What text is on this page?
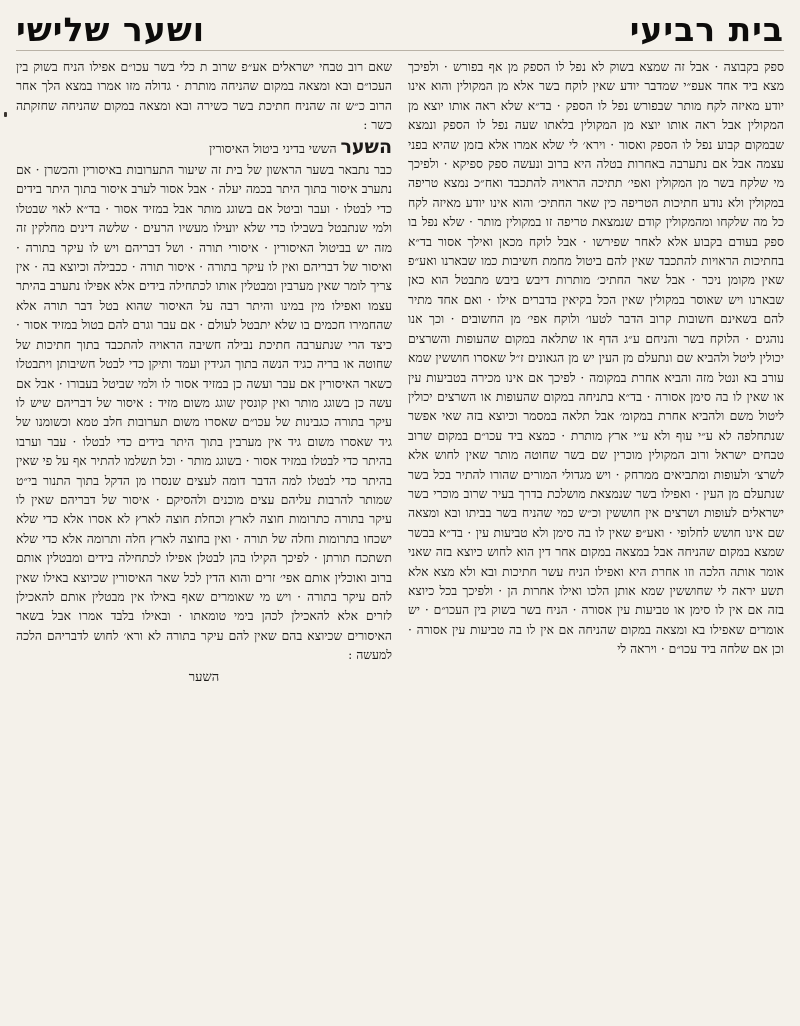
ושער שלישי	בית רביעי

ספק בקבוצה · אבל זה שמצא בשוק לא נפל לו הספק מן אף בפורש · ולפיכך מצא ביד אחד אעפ״י שמדבר יודע שאין לוקח בשר אלא מן המקולין והוא אינו יודע מאיזה לקח מותר שבפורש נפל לו הספק · בד״א שלא ראה אותו יוצא מן המקולין אבל ראה אותו יוצא מן המקולין בלאתו שעה נפל לו הספק ונמצא שבמקום קבוע נפל לו הספק ואסור · וירא׳ לי שלא אמרו אלא בזמן שהיא בפני עצמה אבל אם נתערבה באחרות בטלה היא ברוב ונעשה ספק ספיקא · ולפיכך מי שלקח בשר מן המקולין ואפי׳ תתיכה הראויה להתכבד ואח״כ נמצא טריפה במקולין ולא נודע חתיכות הטריפה כין שאר החתיכ׳ והוא אינו יודע מאיזה לקח כל מה שלקחו ומהמקולין קודם שנמצאת טריפה זו במקולין מותר · שלא נפל בו ספק בעודם בקבוע אלא לאחר שפירשו · אבל לוקח מכאן ואילך אסור בד״א בחתיכות הראויות להתכבד שאין להם ביטול מחמת חשיבות כמו שבארנו ואע״פ שאין מקומן ניכר · אבל שאר החתיכ׳ מותרות דיבש ביבש מתבטל הוא כאן שבארנו ויש שאוסר במקולין שאין הכל בקיאין בדברים אילו · ואם אחד מתיר להם בשאינם חשובות קרוב הדבר לטעו׳ ולוקח אפי׳ מן החשובים · וכך אנו נוהגים · הלוקח בשר והניחם ע״ג הדף או שתלאה במקום שהעופות והשרצים יכולין ליטל ולהביא שם ונתעלם מן העין יש מן הגאונים ז״ל שאסרו חוששין שמא עורב בא ונטל מזה והביא אחרת במקומה · לפיכך אם אינו מכירה בטביעות עין או שאין לו בה סימן אסורה · בד״א בתניחה במקום שהעופות או השרצים יכולין ליטול משם ולהביא אחרת במקומ׳ אבל תלאה במסמר וכיוצא בזה שאי אפשר שנתחלפה לא ע״י עוף ולא ע״י ארץ מותרת · כמצא ביד עכו״ם במקום שרוב טבחים ישראל ורוב המקולין מוכרין שם בשר שחוטה מותר שאין לחוש אלא לשרצ׳ ולעופות ומתביאים ממרחק · ויש מגדולי המורים שהורו להתיר בכל בשר שנתעלם מן העין · ואפילו בשר שנמצאת מושלכת בדרך בעיר שרוב מוכרי בשר ישראלים לעופות ושרצים אין חוששין וכ״ש כמי שהניח בשר בביתו ובא ומצאה שם אינו חושש לחלופי · ואע״פ שאין לו בה סימן ולא טביעות עין · בד״א בבשר שמצא במקום שהניחה אבל במצאה במקום אחר דין הוא לחוש כיוצא בזה שאני אומר אותה הלכה וזו אחרת היא ואפילו הניח עשר חתיכות ובא ולא מצא אלא תשע יראה לי שחוששין שמא אותן הלכו ואילו אחרות הן · ולפיכך בכל כיוצא בזה אם אין לו סימן או טביעות עין אסורה · הניח בשר בשוק בין העכו״ם · יש אומרים שאפילו בא ומצאה במקום שהניחה אם אין לו בה טביעות עין אסורה · וכן אם שלחה ביד עכו״ם · ויראה לי

שאם רוב טבחי ישראלים אע״פ שרוב ת כלי בשר עכו״ם אפילו הניח בשוק בין העכו״ם ובא ומצאה במקום שהניחה מותרת · גדולה מזו אמרו במצא הלך אחר הרוב כ״ש זה שהניח חתיכת בשר כשירה ובא ומצאה במקום שהניחה שחזקתה כשר :

השער הששי בדיני ביטול האיסורין

כבר נתבאר בשער הראשון של בית זה שיעור התערובות באיסורין והכשרן · אם נתערב איסור בתוך היתר בכמה יעלה · אבל אסור לערב איסור בתוך היתר בידים כדי לבטלו · ועבר וביטל אם בשוגג מותר אבל במזיד אסור · בד״א לאוי שבטלו ולמי שנתבטל בשבילו כדי שלא יועילו מעשיו הרעים · שלשה דינים מחלקין זה מזה יש בביטול האיסורין · איסורי תורה · ושל דבריהם ויש לו עיקר בתורה · ואיסור של דבריהם ואין לו עיקר בתורה · איסור תורה · ככבילה וכיוצא בה · אין צריך לומר שאין מערבין ומבטלין אותו לכתחילה בידים אלא אפילו נתערב בהיתר עצמו ואפילו מין במינו והיתר רבה על האיסור שהוא בטל דבר תורה אלא שהחמירו חכמים בו שלא יתבטל לעולם · אם עבר וגרם להם בטול במזיד אסור · כיצד הרי שנתערבה חתיכת נבילה חשיבה הראויה להתכבד בתוך חתיכות של שחוטה או בריה כגיד הנשה בתוך הגידין ועמד ותיקן כדי לבטל חשיבותן ויתבטלו כשאר האיסורין אם עבר ועשה כן במזיד אסור לו ולמי שביטל בעבורו · אבל אם עשה כן בשוגג מותר ואין קונסין שוגג משום מזיד : איסור של דבריהם שיש לו עיקר בתורה כגבינות של עכו״ם שאסרו משום תערובות חלב טמא וכשומנו של גיד שאסרו משום גיד אין מערבין בתוך היתר בידים כדי לבטלו · עבר וערבו בהיתר כדי לבטלו במזיד אסור · בשוגג מותר · וכל תשלמו להתיר אף על פי שאין בהיתר כדי לבטלו למה הדבר דומה לעצים שנסרו מן הדקל בתוך התנור בי״ט שמותר להרבות עליהם עצים מוכנים ולהסיקם · איסור של דבריהם שאין לו עיקר בתורה כתרומות חוצה לארץ וכחלת חוצה לארץ לא אסרו אלא כדי שלא ישכחו בתרומות וחלה של תורה · ואין בחוצה לארץ חלה ותרומה אלא כדי שלא תשתכח תורתן · לפיכך הקילו בהן לבטלן אפילו לכתחילה בידים ומבטלין אותם ברוב ואוכלין אותם אפי׳ זרים והוא הדין לכל שאר האיסורין שכיוצא באילו שאין להם עיקר בתורה · ויש מי שאומרים שאף באילו אין מבטלין אותם להאכילן לזרים אלא להאכילן לכהן בימי טומאתו · ובאילו בלבד אמרו אבל בשאר האיסורים שכיוצא בהם שאין להם עיקר בתורה לא ורא׳ לחוש לדבריהם הלכה למעשה :

השער
